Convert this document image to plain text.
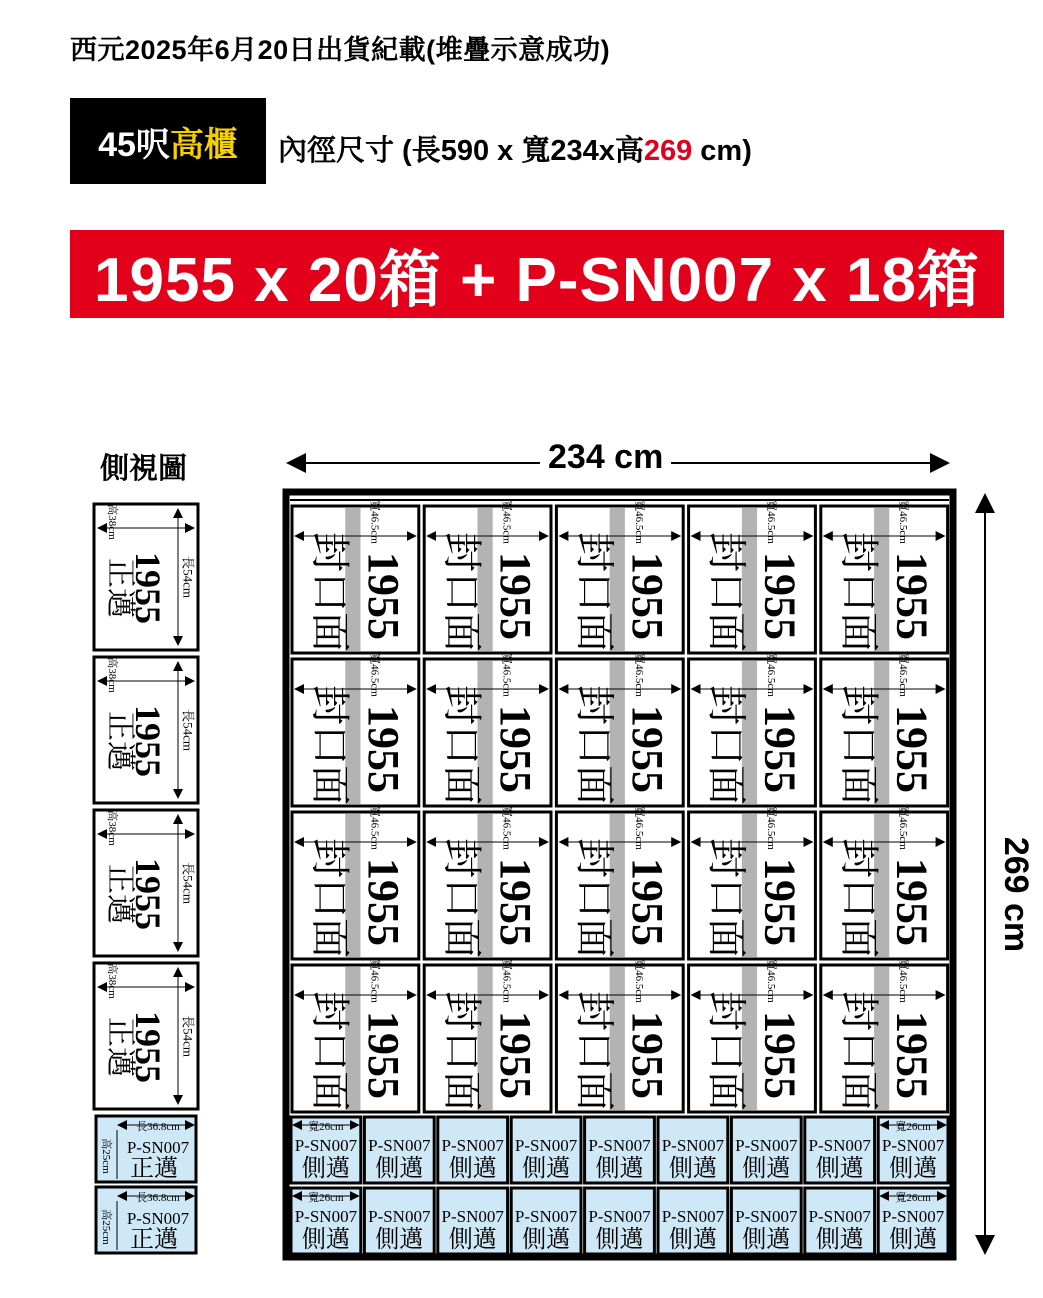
西元2025年6月20日出貨紀載(堆疊示意成功)
45呎 高櫃 內徑尺寸 (長590 x 寬234x高269 cm)
1955 x 20箱 + P-SN007 x 18箱
側視圖
寬46.5cm
封口面 1955
寬46.5cm
封口面 1955
寬46.5cm
封口面 1955
寬46.5cm
封口面 1955
寬46.5cm
封口面 1955
寬46.5cm
封口面 1955
寬46.5cm
封口面 1955
寬46.5cm
封口面 1955
寬46.5cm
封口面 1955
寬46.5cm
封口面 1955
寬46.5cm
封口面 1955
寬46.5cm
封口面 1955
寬46.5cm
封口面 1955
寬46.5cm
封口面 1955
寬46.5cm
封口面 1955
寬46.5cm
封口面 1955
寬46.5cm
封口面 1955
寬46.5cm
封口面 1955
寬46.5cm
封口面 1955
寬46.5cm
封口面 1955
寬26cm
P-SN007
側邁
P-SN007
側邁
P-SN007
側邁
P-SN007
側邁
P-SN007
側邁
P-SN007
側邁
P-SN007
側邁
P-SN007
側邁
寬26cm
P-SN007
側邁
寬26cm
P-SN007
側邁
P-SN007
側邁
P-SN007
側邁
P-SN007
側邁
P-SN007
側邁
P-SN007
側邁
P-SN007
側邁
P-SN007
側邁
寬26cm
P-SN007
側邁
高38cm
長54cm
1955
正邁
高38cm
長54cm
1955
正邁
高38cm
長54cm
1955
正邁
高38cm
長54cm
1955
正邁
長36.8cm
高25cm P-SN007
正邁
長36.8cm
高25cm P-SN007
正邁
234 cm
269 cm
